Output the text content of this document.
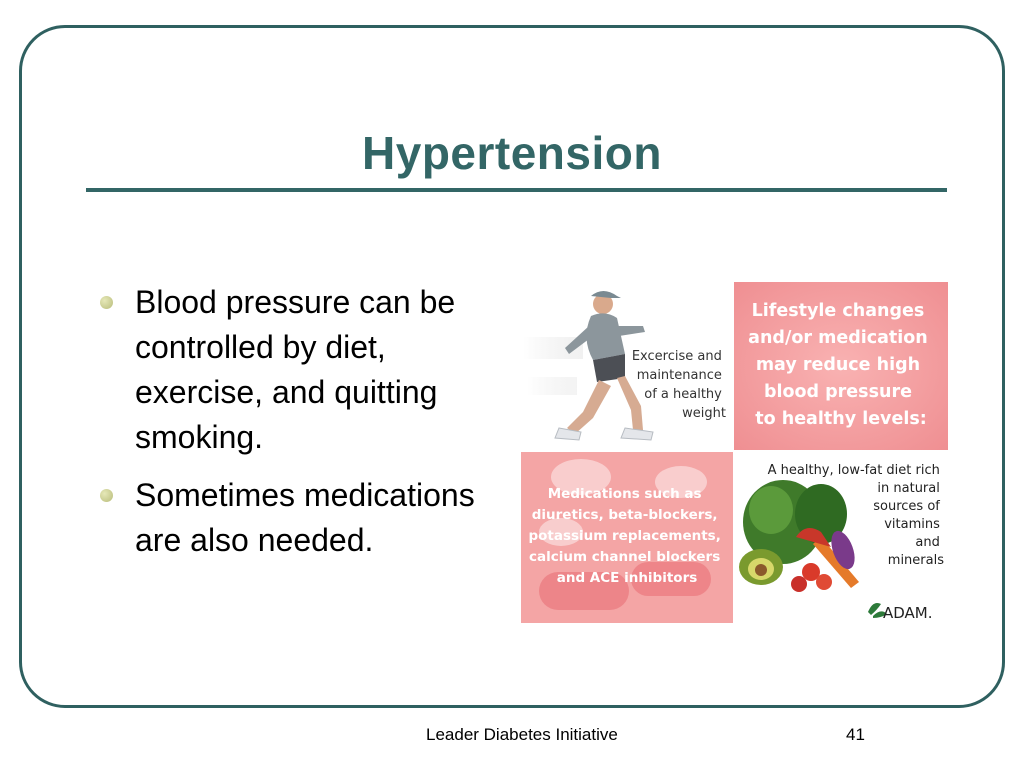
Hypertension
Blood pressure can be controlled by diet, exercise, and quitting smoking.
Sometimes medications are also needed.
Excercise and maintenance of a healthy weight
Lifestyle changes and/or medication may reduce high blood pressure to healthy levels:
Medications such as diuretics, beta-blockers, potassium replacements, calcium channel blockers and ACE inhibitors
A healthy, low-fat diet rich in natural sources of vitamins and minerals
ADAM.
Leader Diabetes Initiative	41
